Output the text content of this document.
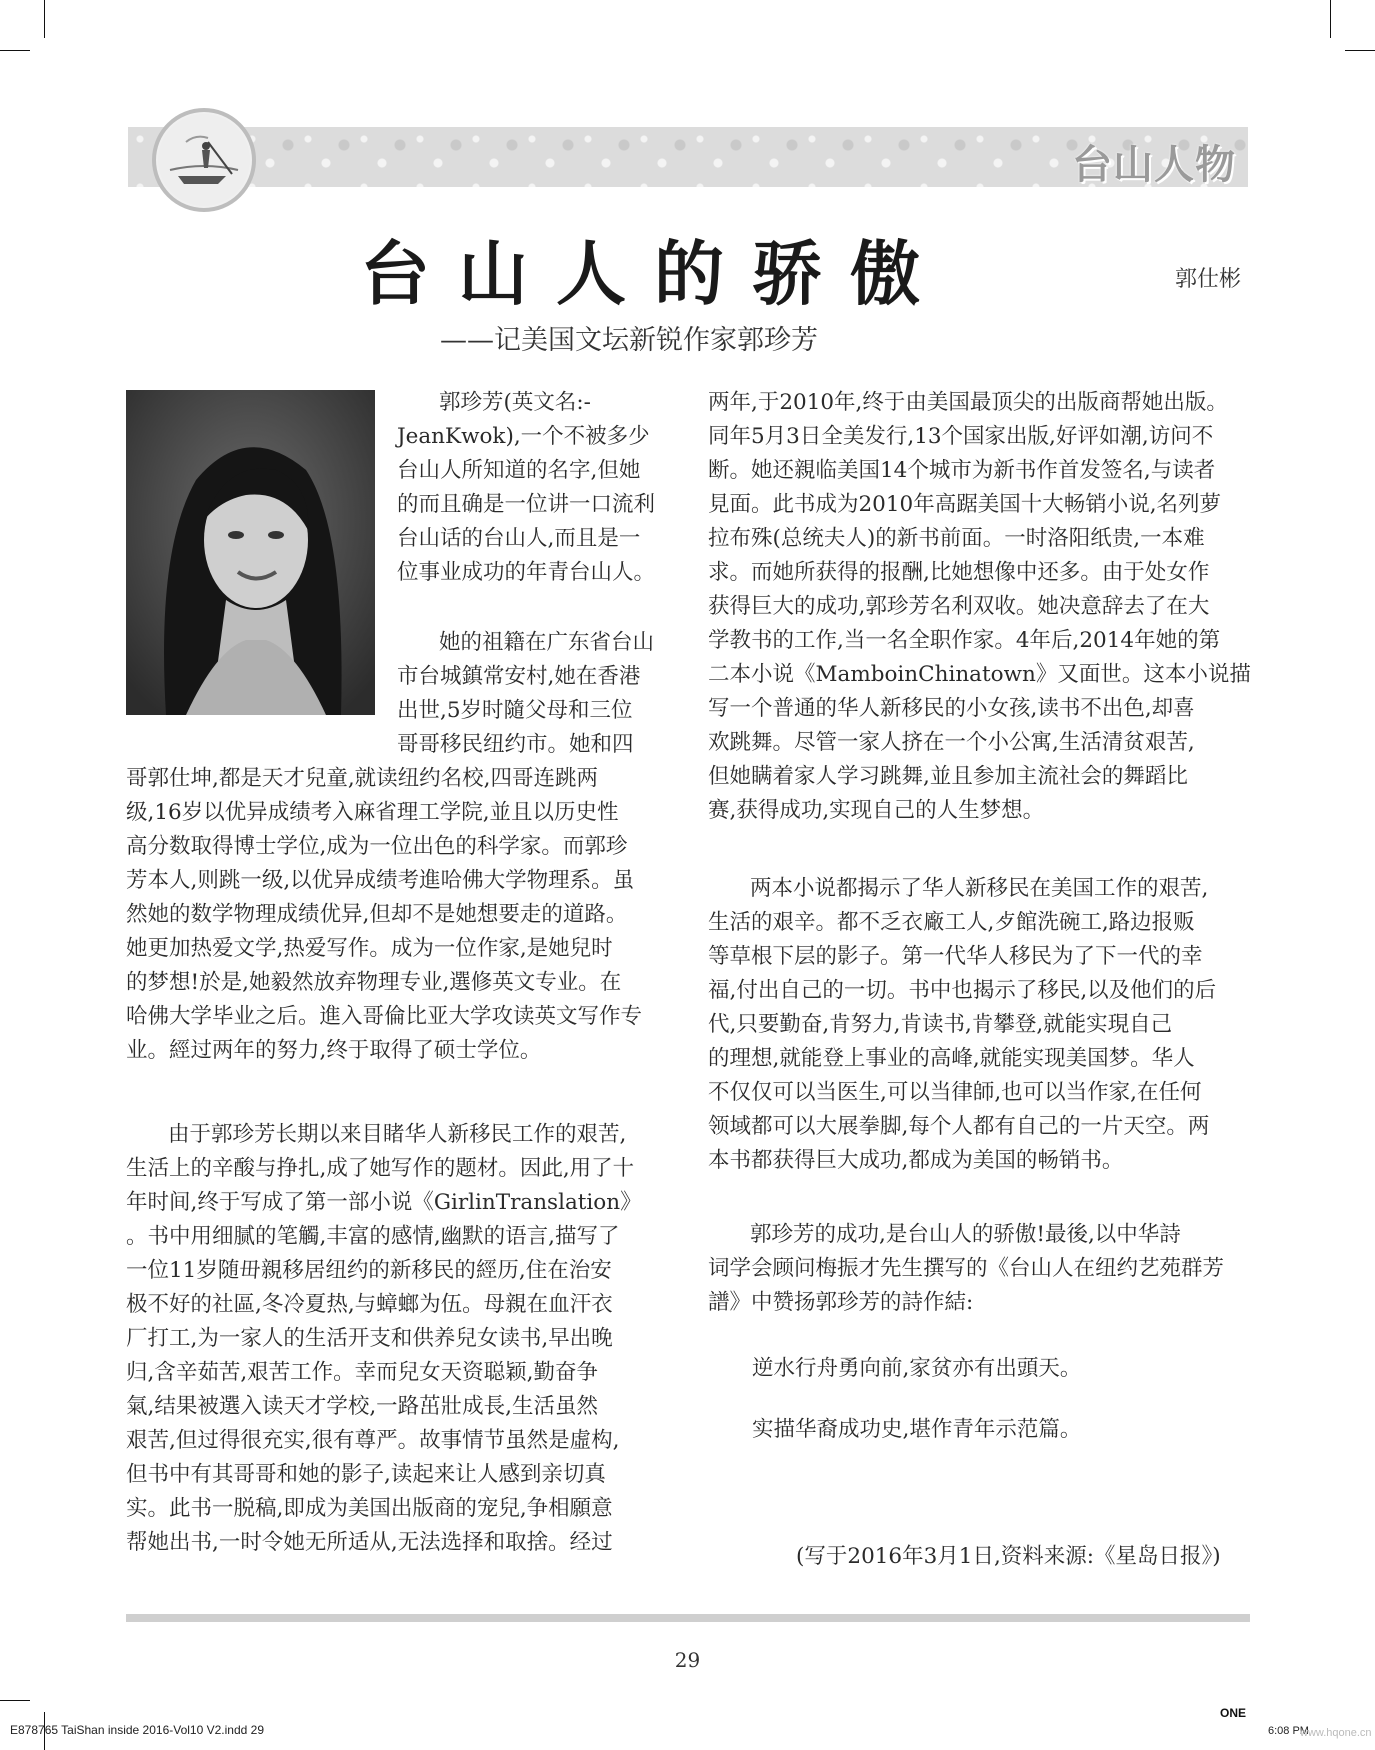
台山人物
台山人的骄傲	郭仕彬
——记美国文坛新锐作家郭珍芳
郭珍芳(英文名:-
JeanKwok),一个不被多少
台山人所知道的名字,但她
的而且确是一位讲一口流利
台山话的台山人,而且是一
位事业成功的年青台山人。
她的祖籍在广东省台山
市台城鎮常安村,她在香港
出世,5岁时隨父母和三位
哥哥移民纽约市。她和四
哥郭仕坤,都是天才兒童,就读纽约名校,四哥连跳两
级,16岁以优异成绩考入麻省理工学院,並且以历史性
高分数取得博士学位,成为一位出色的科学家。而郭珍
芳本人,则跳一级,以优异成绩考進哈佛大学物理系。虽
然她的数学物理成绩优异,但却不是她想要走的道路。
她更加热爱文学,热爱写作。成为一位作家,是她兒时
的梦想!於是,她毅然放弃物理专业,選修英文专业。在
哈佛大学毕业之后。進入哥倫比亚大学攻读英文写作专
业。經过两年的努力,终于取得了硕士学位。
由于郭珍芳长期以来目睹华人新移民工作的艰苦,
生活上的辛酸与挣扎,成了她写作的题材。因此,用了十
年时间,终于写成了第一部小说《GirlinTranslation》
。书中用细腻的笔觸,丰富的感情,幽默的语言,描写了
一位11岁随毌親移居纽约的新移民的經历,住在治安
极不好的社區,冬冷夏热,与蟑螂为伍。母親在血汗衣
厂打工,为一家人的生活开支和供养兒女读书,早出晚
归,含辛茹苦,艰苦工作。幸而兒女天资聪颖,勤奋争
氣,结果被選入读天才学校,一路茁壯成長,生活虽然
艰苦,但过得很充实,很有尊严。故事情节虽然是虛构,
但书中有其哥哥和她的影子,读起来让人感到亲切真
实。此书一脱稿,即成为美国出版商的宠兒,争相願意
帮她出书,一时令她无所适从,无法选择和取捨。经过
两年,于2010年,终于由美国最顶尖的出版商帮她出版。
同年5月3日全美发行,13个国家出版,好评如潮,访问不
断。她还親临美国14个城市为新书作首发签名,与读者
見面。此书成为2010年高踞美国十大畅销小说,名列萝
拉布殊(总统夫人)的新书前面。一时洛阳纸贵,一本难
求。而她所获得的报酬,比她想像中还多。由于处女作
获得巨大的成功,郭珍芳名利双收。她决意辞去了在大
学教书的工作,当一名全职作家。4年后,2014年她的第
二本小说《MamboinChinatown》又面世。这本小说描
写一个普通的华人新移民的小女孩,读书不出色,却喜
欢跳舞。尽管一家人挤在一个小公寓,生活清贫艰苦,
但她瞒着家人学习跳舞,並且参加主流社会的舞蹈比
赛,获得成功,实现自己的人生梦想。
两本小说都揭示了华人新移民在美国工作的艰苦,
生活的艰辛。都不乏衣廠工人,歺館洗碗工,路边报贩
等草根下层的影子。第一代华人移民为了下一代的幸
福,付出自己的一切。书中也揭示了移民,以及他们的后
代,只要勤奋,肯努力,肯读书,肯攀登,就能实現自己
的理想,就能登上事业的高峰,就能实现美国梦。华人
不仅仅可以当医生,可以当律師,也可以当作家,在任何
领域都可以大展拳脚,每个人都有自己的一片天空。两
本书都获得巨大成功,都成为美国的畅销书。
郭珍芳的成功,是台山人的骄傲!最後,以中华詩
词学会顾问梅振才先生撰写的《台山人在纽约艺苑群芳
譜》中赞扬郭珍芳的詩作結:
逆水行舟勇向前,家贫亦有出頭天。
实描华裔成功史,堪作青年示范篇。
(写于2016年3月1日,资料来源:《星岛日报》)
29
E878765 TaiShan inside 2016-Vol10 V2.indd 29
ONE
6:08 PM
www.hqone.cn
